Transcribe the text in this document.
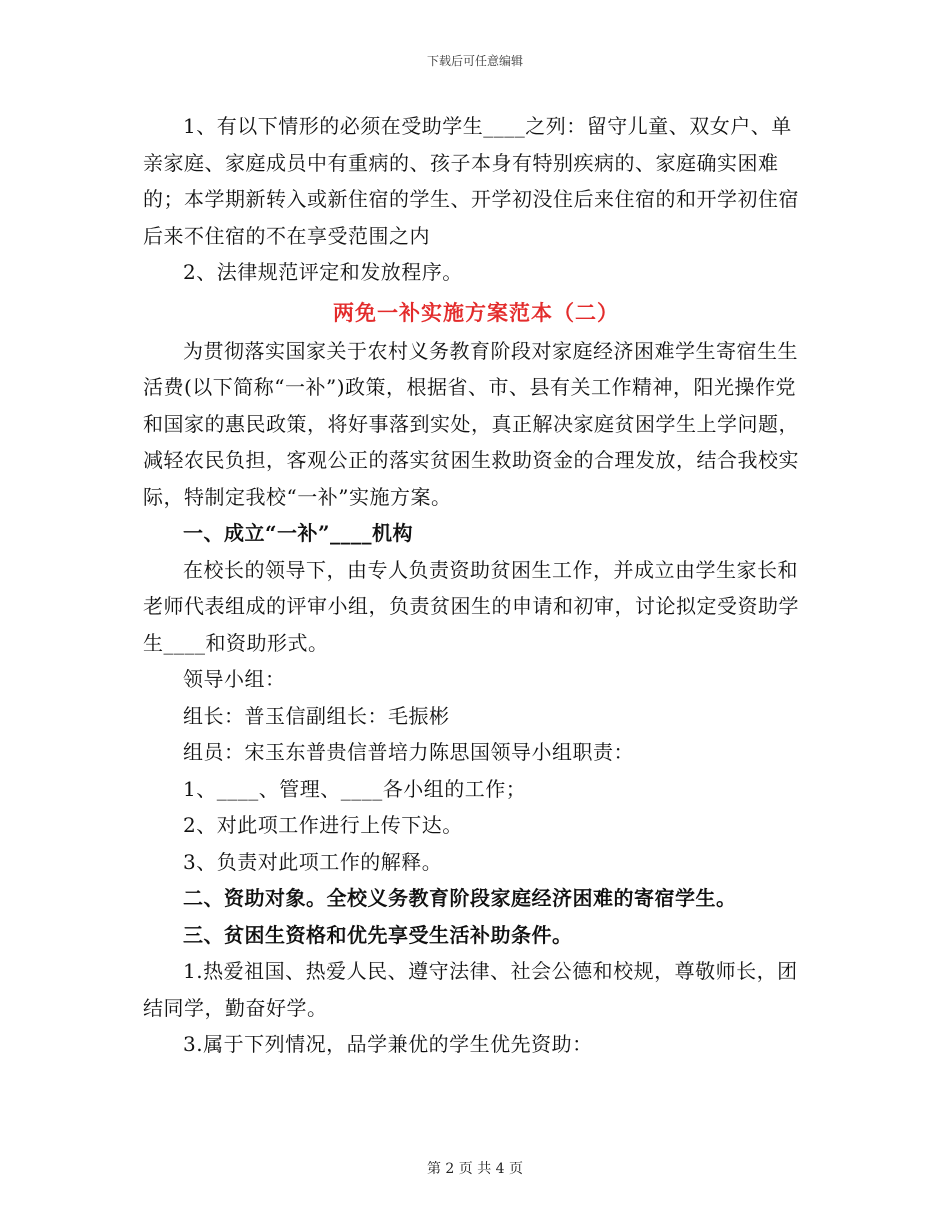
下载后可任意编辑

1、有以下情形的必须在受助学生____之列：留守儿童、双女户、单亲家庭、家庭成员中有重病的、孩子本身有特别疾病的、家庭确实困难的；本学期新转入或新住宿的学生、开学初没住后来住宿的和开学初住宿后来不住宿的不在享受范围之内

2、法律规范评定和发放程序。

两免一补实施方案范本（二）

为贯彻落实国家关于农村义务教育阶段对家庭经济困难学生寄宿生生活费(以下简称“一补”)政策，根据省、市、县有关工作精神，阳光操作党和国家的惠民政策，将好事落到实处，真正解决家庭贫困学生上学问题，减轻农民负担，客观公正的落实贫困生救助资金的合理发放，结合我校实际，特制定我校“一补”实施方案。

一、成立“一补”____机构

在校长的领导下，由专人负责资助贫困生工作，并成立由学生家长和老师代表组成的评审小组，负责贫困生的申请和初审，讨论拟定受资助学生____和资助形式。

领导小组：

组长：普玉信副组长：毛振彬

组员：宋玉东普贵信普培力陈思国领导小组职责：

1、____、管理、____各小组的工作；

2、对此项工作进行上传下达。

3、负责对此项工作的解释。

二、资助对象。全校义务教育阶段家庭经济困难的寄宿学生。

三、贫困生资格和优先享受生活补助条件。

1.热爱祖国、热爱人民、遵守法律、社会公德和校规，尊敬师长，团结同学，勤奋好学。

3.属于下列情况，品学兼优的学生优先资助：

第 2 页 共 4 页
